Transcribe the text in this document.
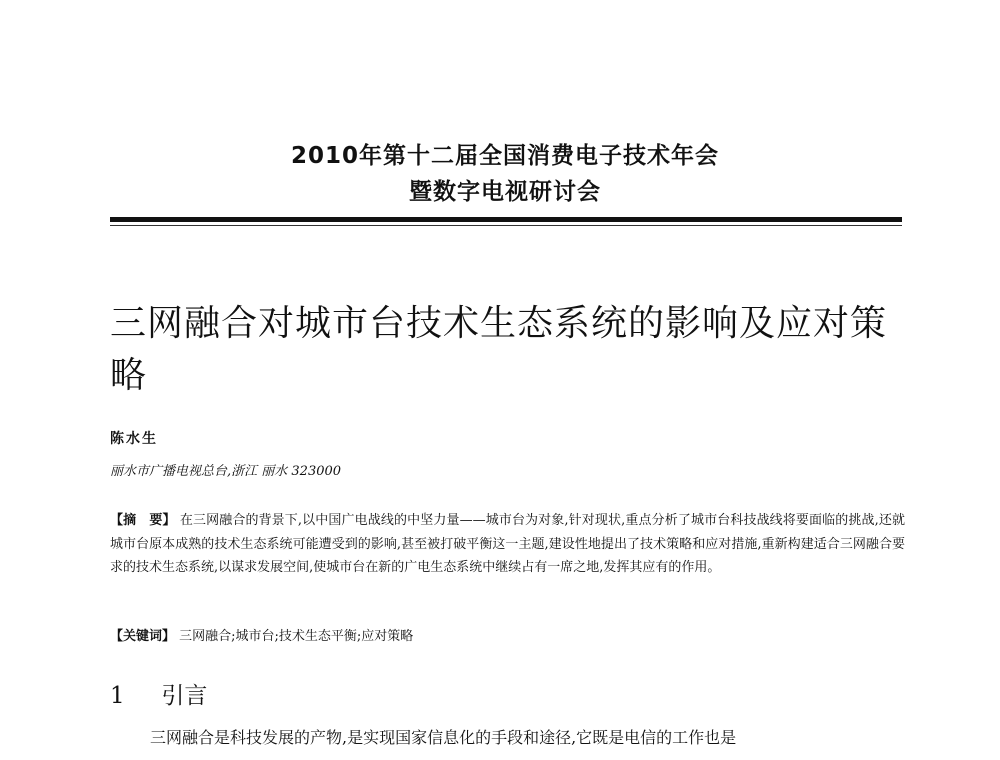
2010年第十二届全国消费电子技术年会
暨数字电视研讨会
三网融合对城市台技术生态系统的影响及应对策略
陈水生
丽水市广播电视总台,浙江 丽水 323000
【摘　要】 在三网融合的背景下,以中国广电战线的中坚力量——城市台为对象,针对现状,重点分析了城市台科技战线将要面临的挑战,还就城市台原本成熟的技术生态系统可能遭受到的影响,甚至被打破平衡这一主题,建设性地提出了技术策略和应对措施,重新构建适合三网融合要求的技术生态系统,以谋求发展空间,使城市台在新的广电生态系统中继续占有一席之地,发挥其应有的作用。
【关键词】 三网融合;城市台;技术生态平衡;应对策略
1 引言
三网融合是科技发展的产物,是实现国家信息化的手段和途径,它既是电信的工作也是
